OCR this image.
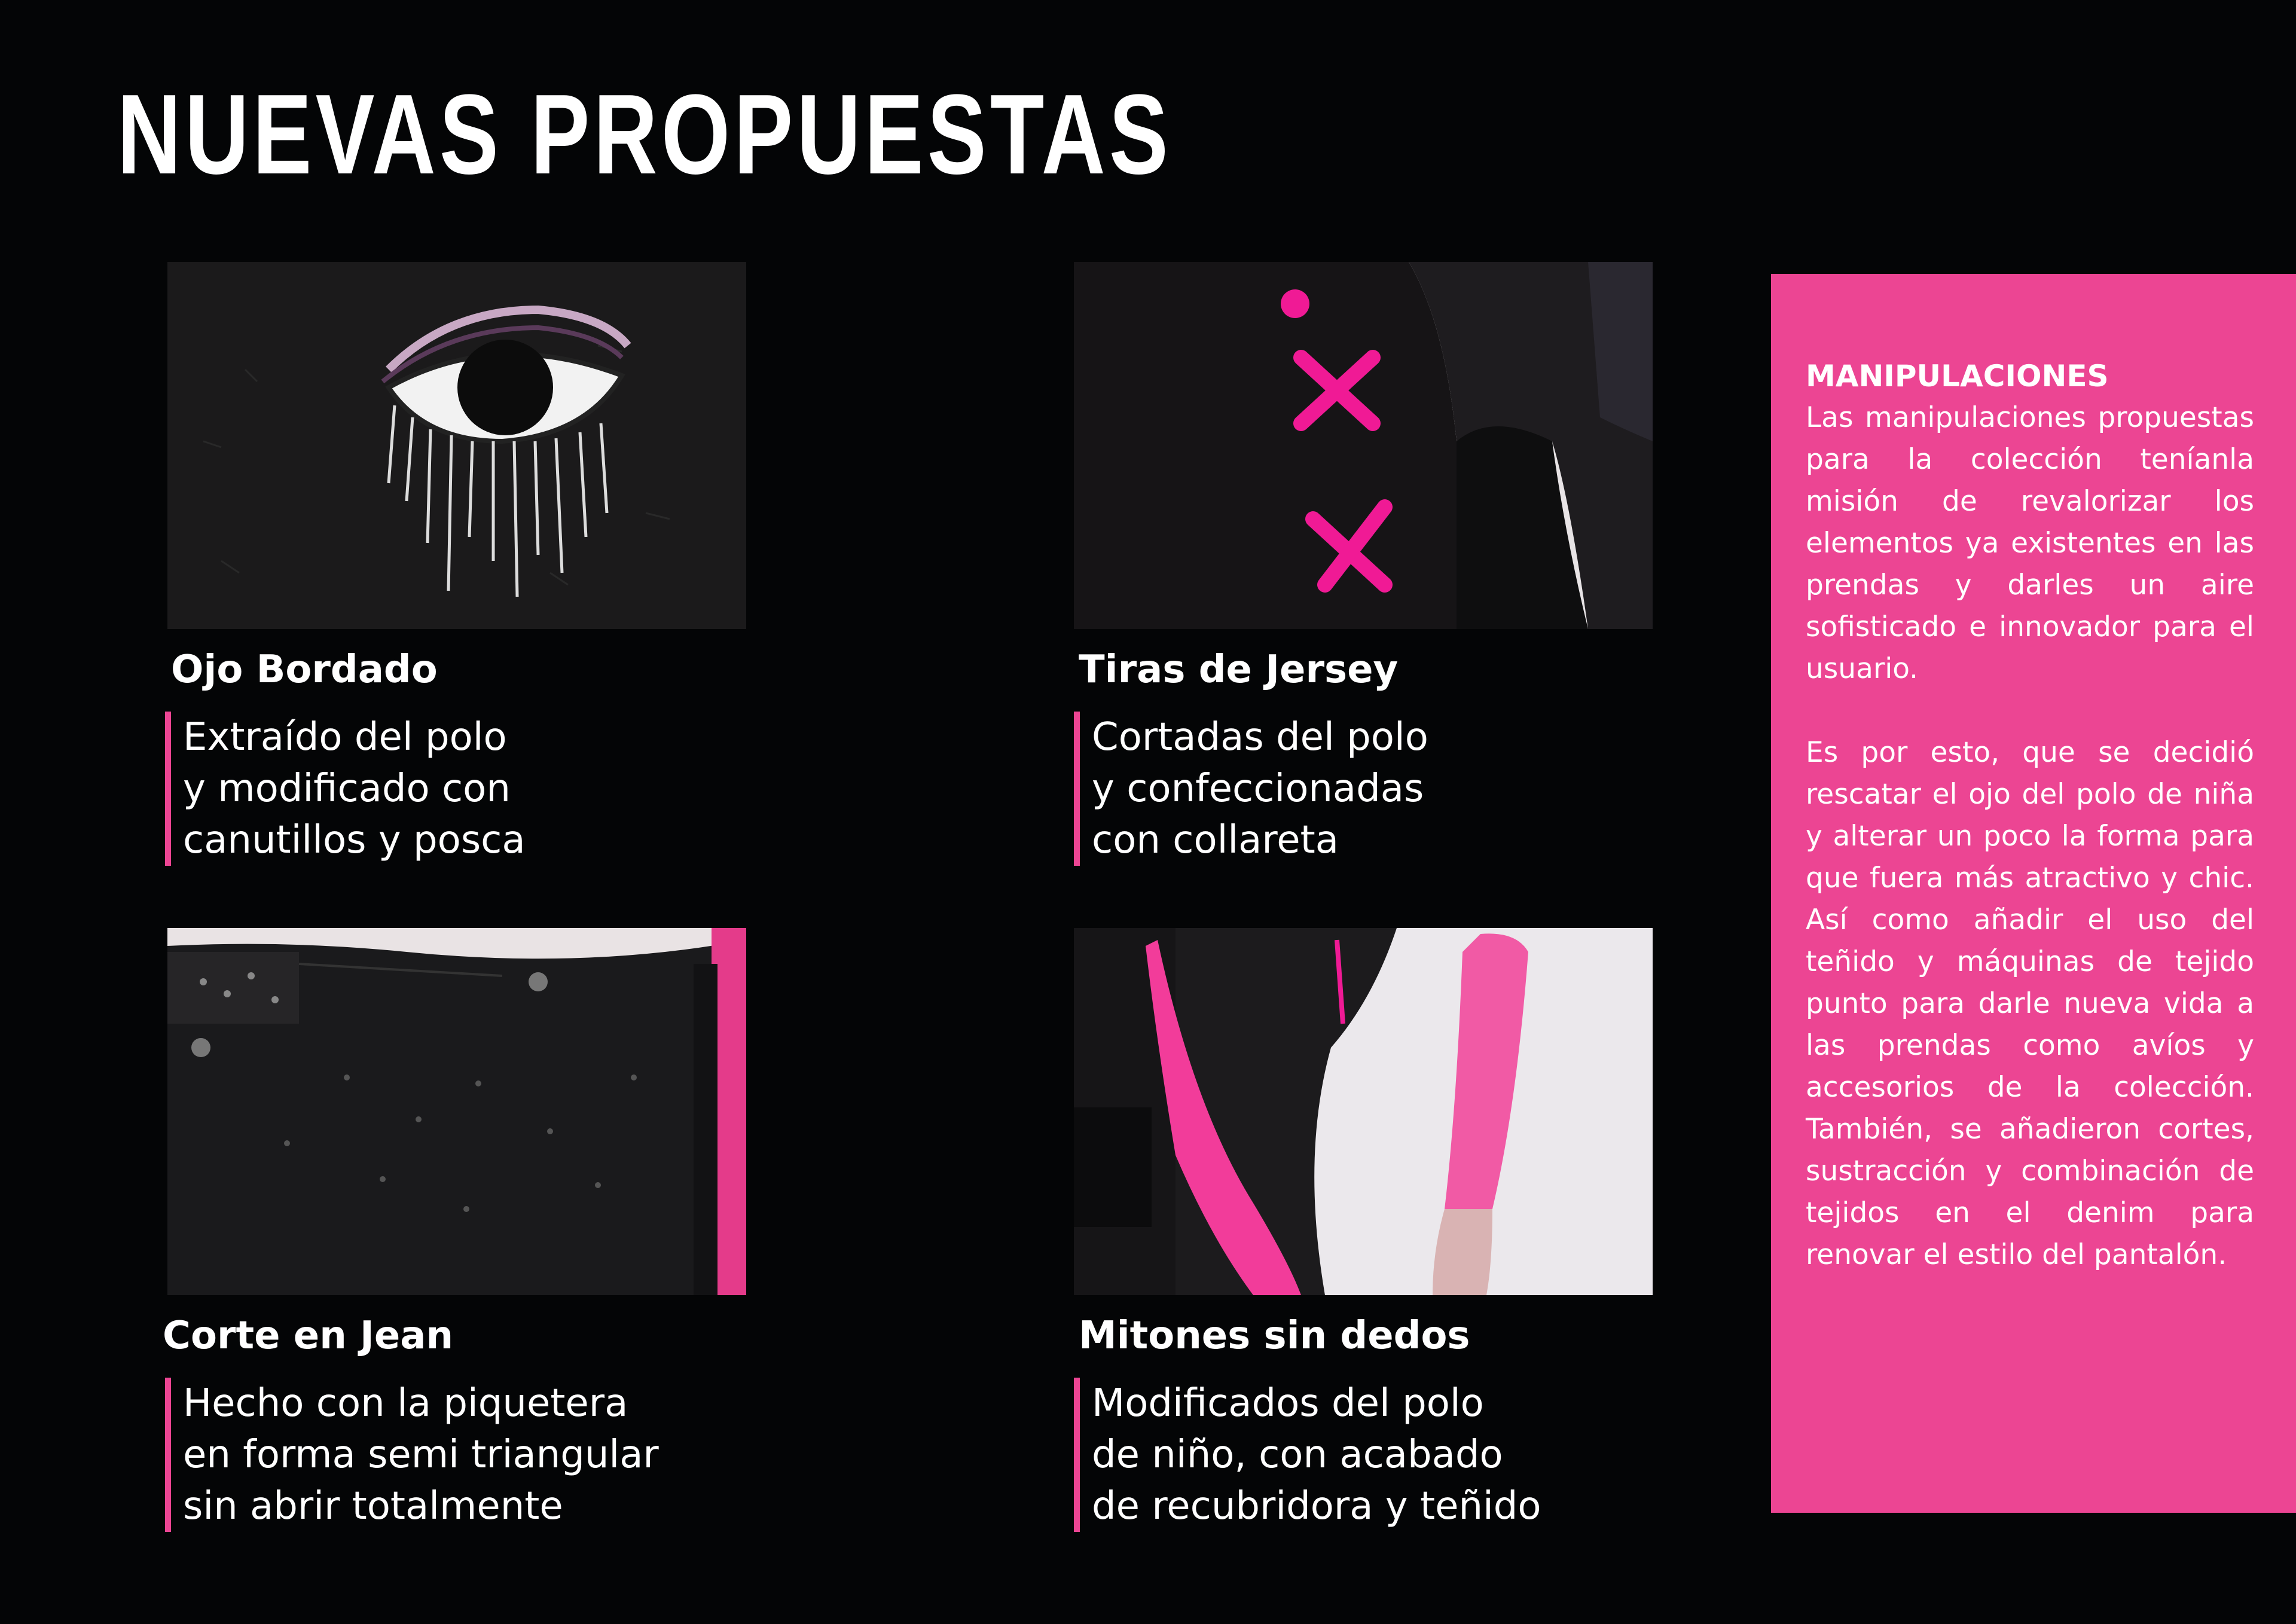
NUEVAS PROPUESTAS
Ojo Bordado
Extraído del polo
y modificado con
canutillos y posca
Tiras de Jersey
Cortadas del polo
y confeccionadas
con collareta
Corte en Jean
Hecho con la piquetera
en forma semi triangular
sin abrir totalmente
Mitones sin dedos
Modificados del polo
de niño, con acabado
de recubridora y teñido
MANIPULACIONES

Las manipulaciones propuestas para la colección teníanla misión de revalorizar los elementos ya existentes en las prendas y darles un aire sofisticado e innovador para el usuario.

Es por esto, que se decidió rescatar el ojo del polo de niña y alterar un poco la forma para que fuera más atractivo y chic. Así como añadir el uso del teñido y máquinas de tejido punto para darle nueva vida a las prendas como avíos y accesorios de la colección. También, se añadieron cortes, sustracción y combinación de tejidos en el denim para renovar el estilo del pantalón.
